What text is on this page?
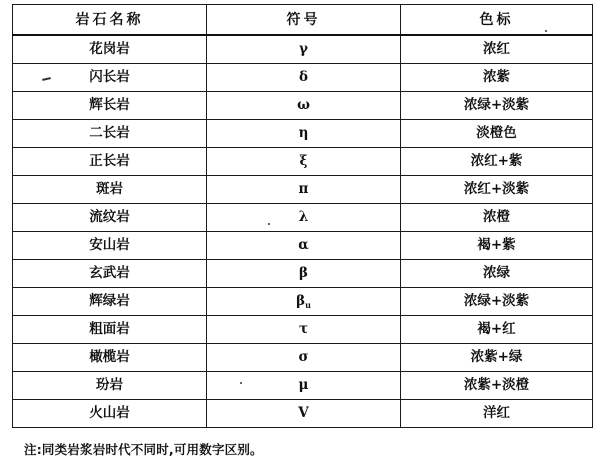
岩石名称	符号	色标
花岗岩	γ	浓红
闪长岩	δ	浓紫
辉长岩	ω	浓绿+淡紫
二长岩	η	淡橙色
正长岩	ξ	浓红+紫
斑岩	π	浓红+淡紫
流纹岩	λ	浓橙
安山岩	α	褐+紫
玄武岩	β	浓绿
辉绿岩	$\beta_u$	浓绿+淡紫
粗面岩	τ	褐+红
橄榄岩	σ	浓紫+绿
玢岩	μ	浓紫+淡橙
火山岩	V	洋红
注:同类岩浆岩时代不同时,可用数字区别。
